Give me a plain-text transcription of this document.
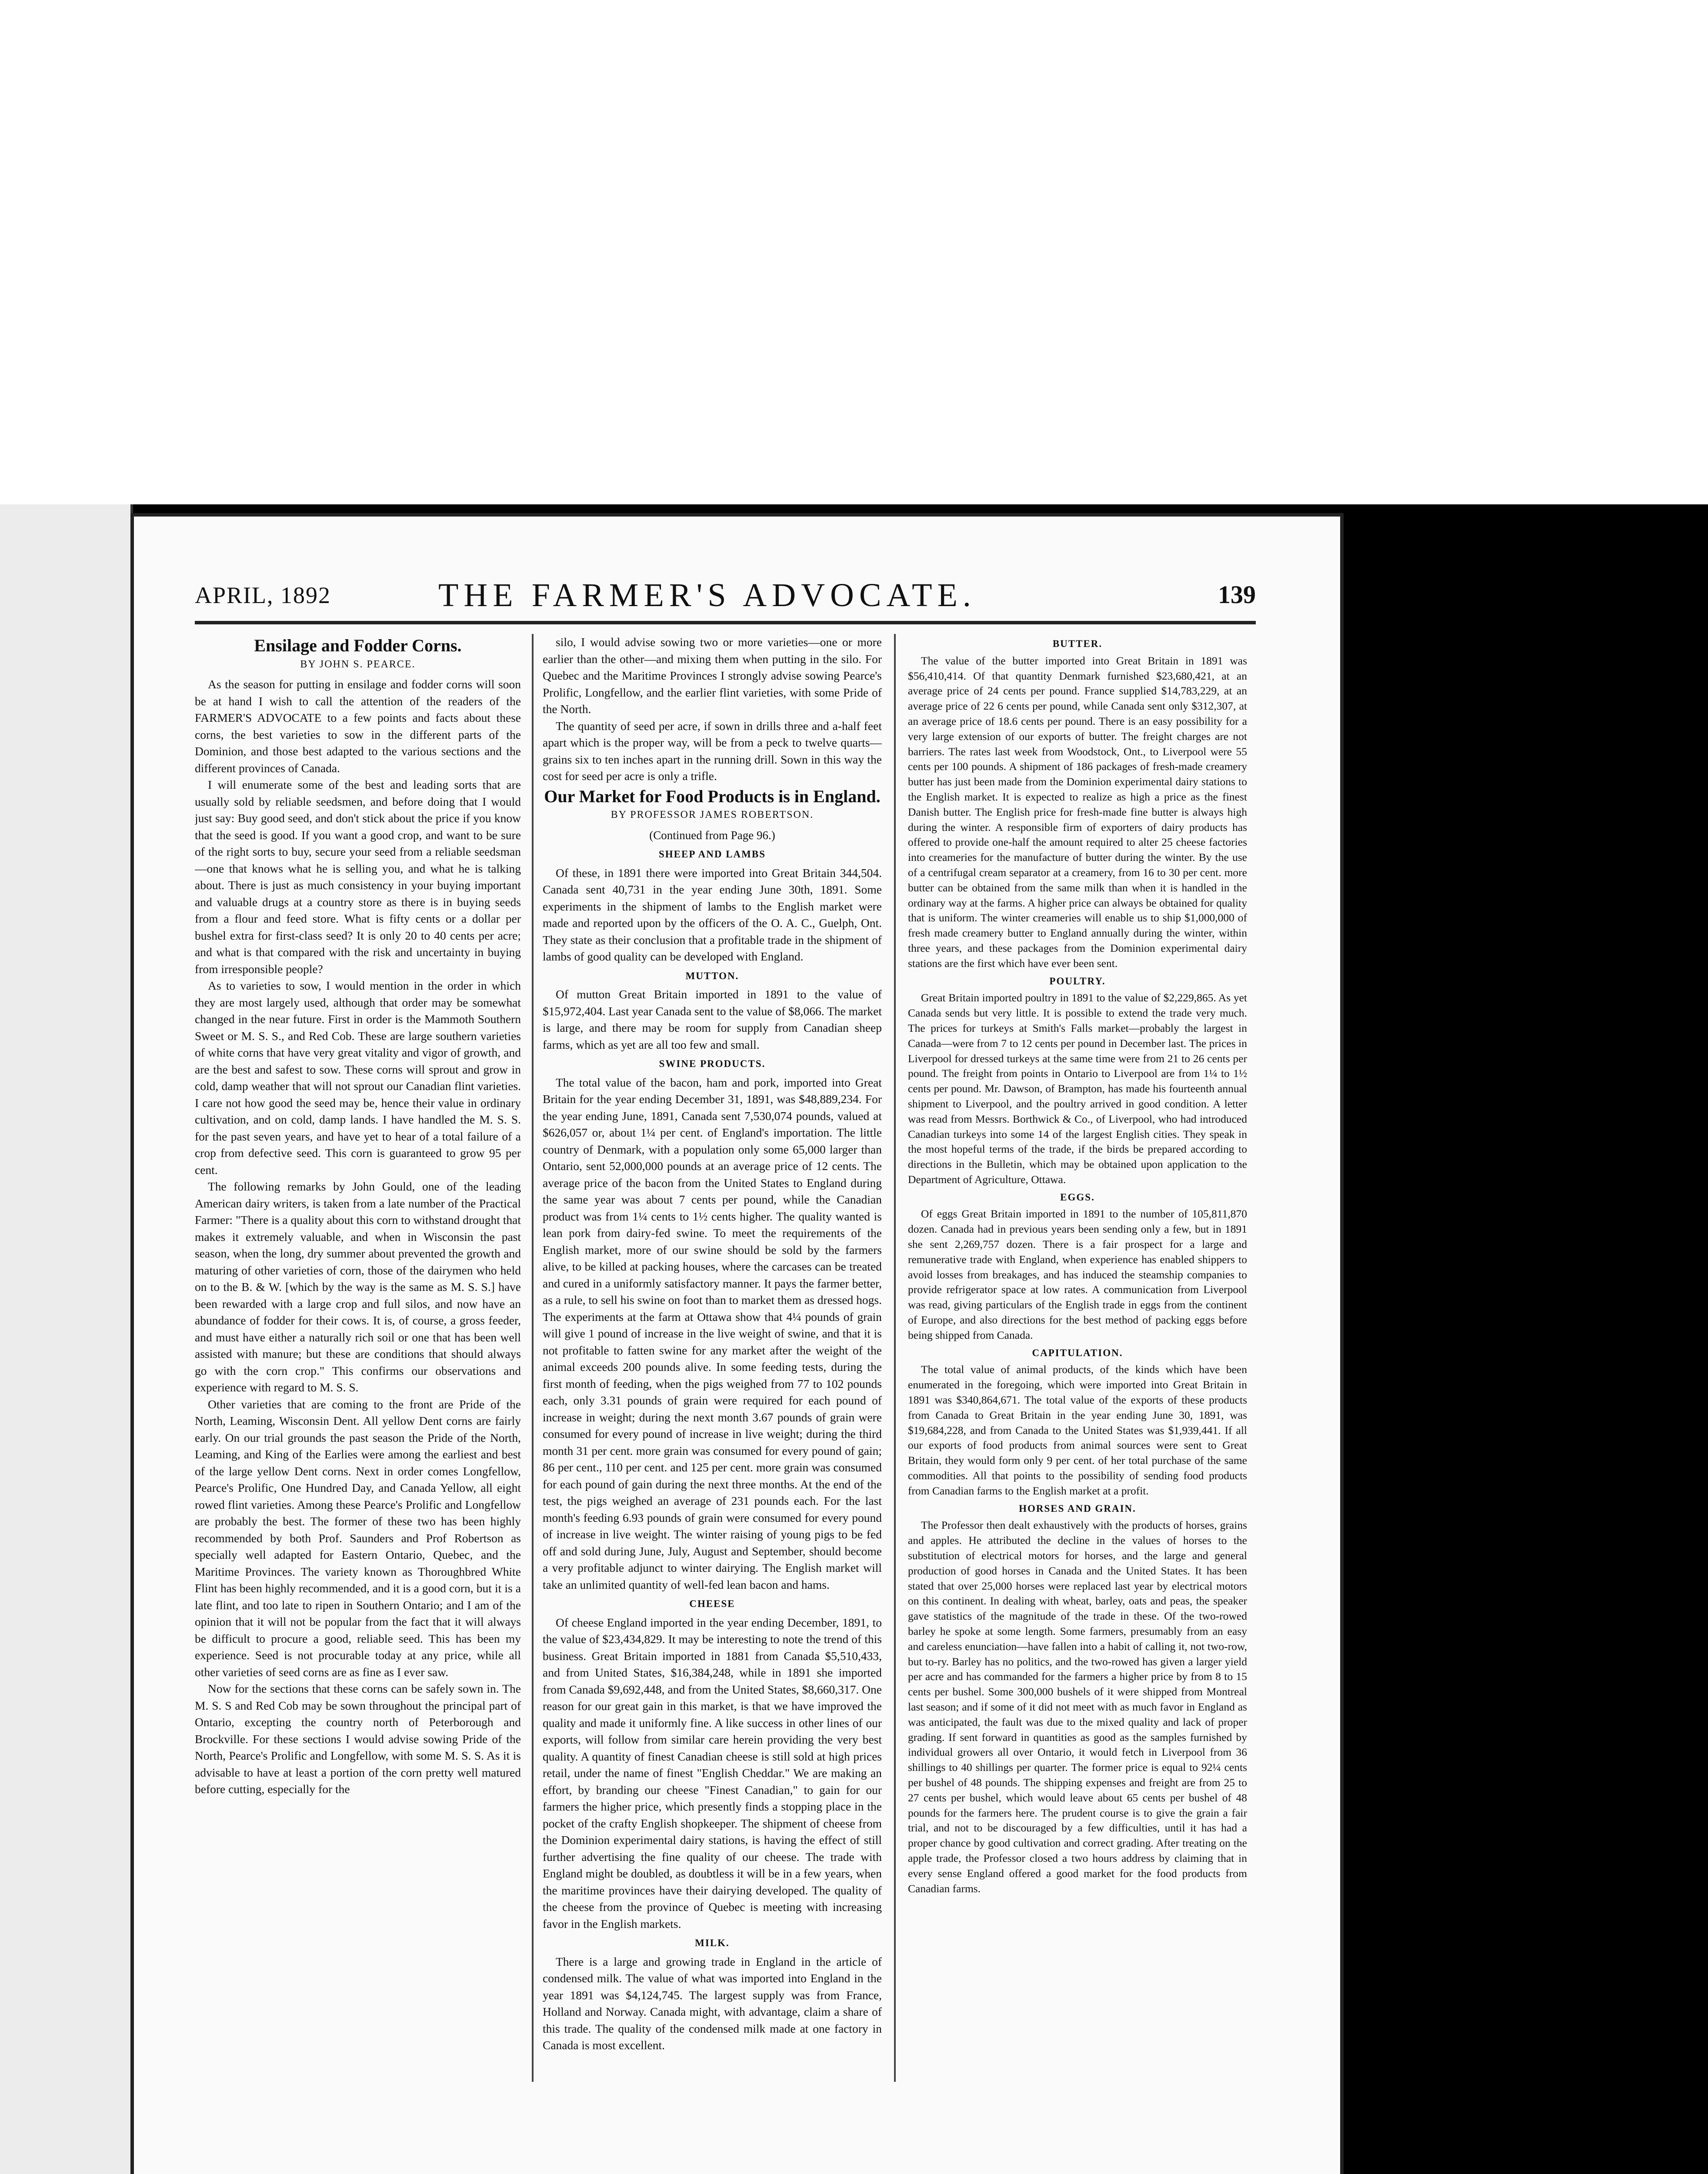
APRIL, 1892	THE FARMER'S ADVOCATE.	139
Ensilage and Fodder Corns.
BY JOHN S. PEARCE.

As the season for putting in ensilage and fodder corns will soon be at hand I wish to call the attention of the readers of the FARMER'S ADVOCATE to a few points and facts about these corns, the best varieties to sow in the different parts of the Dominion, and those best adapted to the various sections and the different provinces of Canada.

I will enumerate some of the best and leading sorts that are usually sold by reliable seedsmen, and before doing that I would just say: Buy good seed, and don't stick about the price if you know that the seed is good. If you want a good crop, and want to be sure of the right sorts to buy, secure your seed from a reliable seedsman—one that knows what he is selling you, and what he is talking about. There is just as much consistency in your buying important and valuable drugs at a country store as there is in buying seeds from a flour and feed store. What is fifty cents or a dollar per bushel extra for first-class seed? It is only 20 to 40 cents per acre; and what is that compared with the risk and uncertainty in buying from irresponsible people?

As to varieties to sow, I would mention in the order in which they are most largely used, although that order may be somewhat changed in the near future. First in order is the Mammoth Southern Sweet or M. S. S., and Red Cob. These are large southern varieties of white corns that have very great vitality and vigor of growth, and are the best and safest to sow. These corns will sprout and grow in cold, damp weather that will not sprout our Canadian flint varieties. I care not how good the seed may be, hence their value in ordinary cultivation, and on cold, damp lands. I have handled the M. S. S. for the past seven years, and have yet to hear of a total failure of a crop from defective seed. This corn is guaranteed to grow 95 per cent.

The following remarks by John Gould, one of the leading American dairy writers, is taken from a late number of the Practical Farmer: "There is a quality about this corn to withstand drought that makes it extremely valuable, and when in Wisconsin the past season, when the long, dry summer about prevented the growth and maturing of other varieties of corn, those of the dairymen who held on to the B. & W. [which by the way is the same as M. S. S.] have been rewarded with a large crop and full silos, and now have an abundance of fodder for their cows. It is, of course, a gross feeder, and must have either a naturally rich soil or one that has been well assisted with manure; but these are conditions that should always go with the corn crop." This confirms our observations and experience with regard to M. S. S.

Other varieties that are coming to the front are Pride of the North, Leaming, Wisconsin Dent. All yellow Dent corns are fairly early. On our trial grounds the past season the Pride of the North, Leaming, and King of the Earlies were among the earliest and best of the large yellow Dent corns. Next in order comes Longfellow, Pearce's Prolific, One Hundred Day, and Canada Yellow, all eight rowed flint varieties. Among these Pearce's Prolific and Longfellow are probably the best. The former of these two has been highly recommended by both Prof. Saunders and Prof Robertson as specially well adapted for Eastern Ontario, Quebec, and the Maritime Provinces. The variety known as Thoroughbred White Flint has been highly recommended, and it is a good corn, but it is a late flint, and too late to ripen in Southern Ontario; and I am of the opinion that it will not be popular from the fact that it will always be difficult to procure a good, reliable seed. This has been my experience. Seed is not procurable today at any price, while all other varieties of seed corns are as fine as I ever saw.

Now for the sections that these corns can be safely sown in. The M. S. S and Red Cob may be sown throughout the principal part of Ontario, excepting the country north of Peterborough and Brockville. For these sections I would advise sowing Pride of the North, Pearce's Prolific and Longfellow, with some M. S. S. As it is advisable to have at least a portion of the corn pretty well matured before cutting, especially for the

silo, I would advise sowing two or more varieties—one or more earlier than the other—and mixing them when putting in the silo. For Quebec and the Maritime Provinces I strongly advise sowing Pearce's Prolific, Longfellow, and the earlier flint varieties, with some Pride of the North.

The quantity of seed per acre, if sown in drills three and a-half feet apart which is the proper way, will be from a peck to twelve quarts—grains six to ten inches apart in the running drill. Sown in this way the cost for seed per acre is only a trifle.

Our Market for Food Products is in England.
BY PROFESSOR JAMES ROBERTSON.
(Continued from Page 96.)
SHEEP AND LAMBS

Of these, in 1891 there were imported into Great Britain 344,504. Canada sent 40,731 in the year ending June 30th, 1891. Some experiments in the shipment of lambs to the English market were made and reported upon by the officers of the O. A. C., Guelph, Ont. They state as their conclusion that a profitable trade in the shipment of lambs of good quality can be developed with England.

MUTTON.

Of mutton Great Britain imported in 1891 to the value of $15,972,404. Last year Canada sent to the value of $8,066. The market is large, and there may be room for supply from Canadian sheep farms, which as yet are all too few and small.

SWINE PRODUCTS.

The total value of the bacon, ham and pork, imported into Great Britain for the year ending December 31, 1891, was $48,889,234. For the year ending June, 1891, Canada sent 7,530,074 pounds, valued at $626,057 or, about 1¼ per cent. of England's importation. The little country of Denmark, with a population only some 65,000 larger than Ontario, sent 52,000,000 pounds at an average price of 12 cents. The average price of the bacon from the United States to England during the same year was about 7 cents per pound, while the Canadian product was from 1¼ cents to 1½ cents higher. The quality wanted is lean pork from dairy-fed swine. To meet the requirements of the English market, more of our swine should be sold by the farmers alive, to be killed at packing houses, where the carcases can be treated and cured in a uniformly satisfactory manner. It pays the farmer better, as a rule, to sell his swine on foot than to market them as dressed hogs. The experiments at the farm at Ottawa show that 4¼ pounds of grain will give 1 pound of increase in the live weight of swine, and that it is not profitable to fatten swine for any market after the weight of the animal exceeds 200 pounds alive. In some feeding tests, during the first month of feeding, when the pigs weighed from 77 to 102 pounds each, only 3.31 pounds of grain were required for each pound of increase in weight; during the next month 3.67 pounds of grain were consumed for every pound of increase in live weight; during the third month 31 per cent. more grain was consumed for every pound of gain; 86 per cent., 110 per cent. and 125 per cent. more grain was consumed for each pound of gain during the next three months. At the end of the test, the pigs weighed an average of 231 pounds each. For the last month's feeding 6.93 pounds of grain were consumed for every pound of increase in live weight. The winter raising of young pigs to be fed off and sold during June, July, August and September, should become a very profitable adjunct to winter dairying. The English market will take an unlimited quantity of well-fed lean bacon and hams.

CHEESE

Of cheese England imported in the year ending December, 1891, to the value of $23,434,829. It may be interesting to note the trend of this business. Great Britain imported in 1881 from Canada $5,510,433, and from United States, $16,384,248, while in 1891 she imported from Canada $9,692,448, and from the United States, $8,660,317. One reason for our great gain in this market, is that we have improved the quality and made it uniformly fine. A like success in other lines of our exports, will follow from similar care herein providing the very best quality. A quantity of finest Canadian cheese is still sold at high prices retail, under the name of finest "English Cheddar." We are making an effort, by branding our cheese "Finest Canadian," to gain for our farmers the higher price, which presently finds a stopping place in the pocket of the crafty English shopkeeper. The shipment of cheese from the Dominion experimental dairy stations, is having the effect of still further advertising the fine quality of our cheese. The trade with England might be doubled, as doubtless it will be in a few years, when the maritime provinces have their dairying developed. The quality of the cheese from the province of Quebec is meeting with increasing favor in the English markets.

MILK.

There is a large and growing trade in England in the article of condensed milk. The value of what was imported into England in the year 1891 was $4,124,745. The largest supply was from France, Holland and Norway. Canada might, with advantage, claim a share of this trade. The quality of the condensed milk made at one factory in Canada is most excellent.

BUTTER.

The value of the butter imported into Great Britain in 1891 was $56,410,414. Of that quantity Denmark furnished $23,680,421, at an average price of 24 cents per pound. France supplied $14,783,229, at an average price of 22 6 cents per pound, while Canada sent only $312,307, at an average price of 18.6 cents per pound. There is an easy possibility for a very large extension of our exports of butter. The freight charges are not barriers. The rates last week from Woodstock, Ont., to Liverpool were 55 cents per 100 pounds. A shipment of 186 packages of fresh-made creamery butter has just been made from the Dominion experimental dairy stations to the English market. It is expected to realize as high a price as the finest Danish butter. The English price for fresh-made fine butter is always high during the winter. A responsible firm of exporters of dairy products has offered to provide one-half the amount required to alter 25 cheese factories into creameries for the manufacture of butter during the winter. By the use of a centrifugal cream separator at a creamery, from 16 to 30 per cent. more butter can be obtained from the same milk than when it is handled in the ordinary way at the farms. A higher price can always be obtained for quality that is uniform. The winter creameries will enable us to ship $1,000,000 of fresh made creamery butter to England annually during the winter, within three years, and these packages from the Dominion experimental dairy stations are the first which have ever been sent.

POULTRY.

Great Britain imported poultry in 1891 to the value of $2,229,865. As yet Canada sends but very little. It is possible to extend the trade very much. The prices for turkeys at Smith's Falls market—probably the largest in Canada—were from 7 to 12 cents per pound in December last. The prices in Liverpool for dressed turkeys at the same time were from 21 to 26 cents per pound. The freight from points in Ontario to Liverpool are from 1¼ to 1½ cents per pound. Mr. Dawson, of Brampton, has made his fourteenth annual shipment to Liverpool, and the poultry arrived in good condition. A letter was read from Messrs. Borthwick & Co., of Liverpool, who had introduced Canadian turkeys into some 14 of the largest English cities. They speak in the most hopeful terms of the trade, if the birds be prepared according to directions in the Bulletin, which may be obtained upon application to the Department of Agriculture, Ottawa.

EGGS.

Of eggs Great Britain imported in 1891 to the number of 105,811,870 dozen. Canada had in previous years been sending only a few, but in 1891 she sent 2,269,757 dozen. There is a fair prospect for a large and remunerative trade with England, when experience has enabled shippers to avoid losses from breakages, and has induced the steamship companies to provide refrigerator space at low rates. A communication from Liverpool was read, giving particulars of the English trade in eggs from the continent of Europe, and also directions for the best method of packing eggs before being shipped from Canada.

CAPITULATION.

The total value of animal products, of the kinds which have been enumerated in the foregoing, which were imported into Great Britain in 1891 was $340,864,671. The total value of the exports of these products from Canada to Great Britain in the year ending June 30, 1891, was $19,684,228, and from Canada to the United States was $1,939,441. If all our exports of food products from animal sources were sent to Great Britain, they would form only 9 per cent. of her total purchase of the same commodities. All that points to the possibility of sending food products from Canadian farms to the English market at a profit.

HORSES AND GRAIN.

The Professor then dealt exhaustively with the products of horses, grains and apples. He attributed the decline in the values of horses to the substitution of electrical motors for horses, and the large and general production of good horses in Canada and the United States. It has been stated that over 25,000 horses were replaced last year by electrical motors on this continent. In dealing with wheat, barley, oats and peas, the speaker gave statistics of the magnitude of the trade in these. Of the two-rowed barley he spoke at some length. Some farmers, presumably from an easy and careless enunciation—have fallen into a habit of calling it, not two-row, but to-ry. Barley has no politics, and the two-rowed has given a larger yield per acre and has commanded for the farmers a higher price by from 8 to 15 cents per bushel. Some 300,000 bushels of it were shipped from Montreal last season; and if some of it did not meet with as much favor in England as was anticipated, the fault was due to the mixed quality and lack of proper grading. If sent forward in quantities as good as the samples furnished by individual growers all over Ontario, it would fetch in Liverpool from 36 shillings to 40 shillings per quarter. The former price is equal to 92¼ cents per bushel of 48 pounds. The shipping expenses and freight are from 25 to 27 cents per bushel, which would leave about 65 cents per bushel of 48 pounds for the farmers here. The prudent course is to give the grain a fair trial, and not to be discouraged by a few difficulties, until it has had a proper chance by good cultivation and correct grading. After treating on the apple trade, the Professor closed a two hours address by claiming that in every sense England offered a good market for the food products from Canadian farms.
